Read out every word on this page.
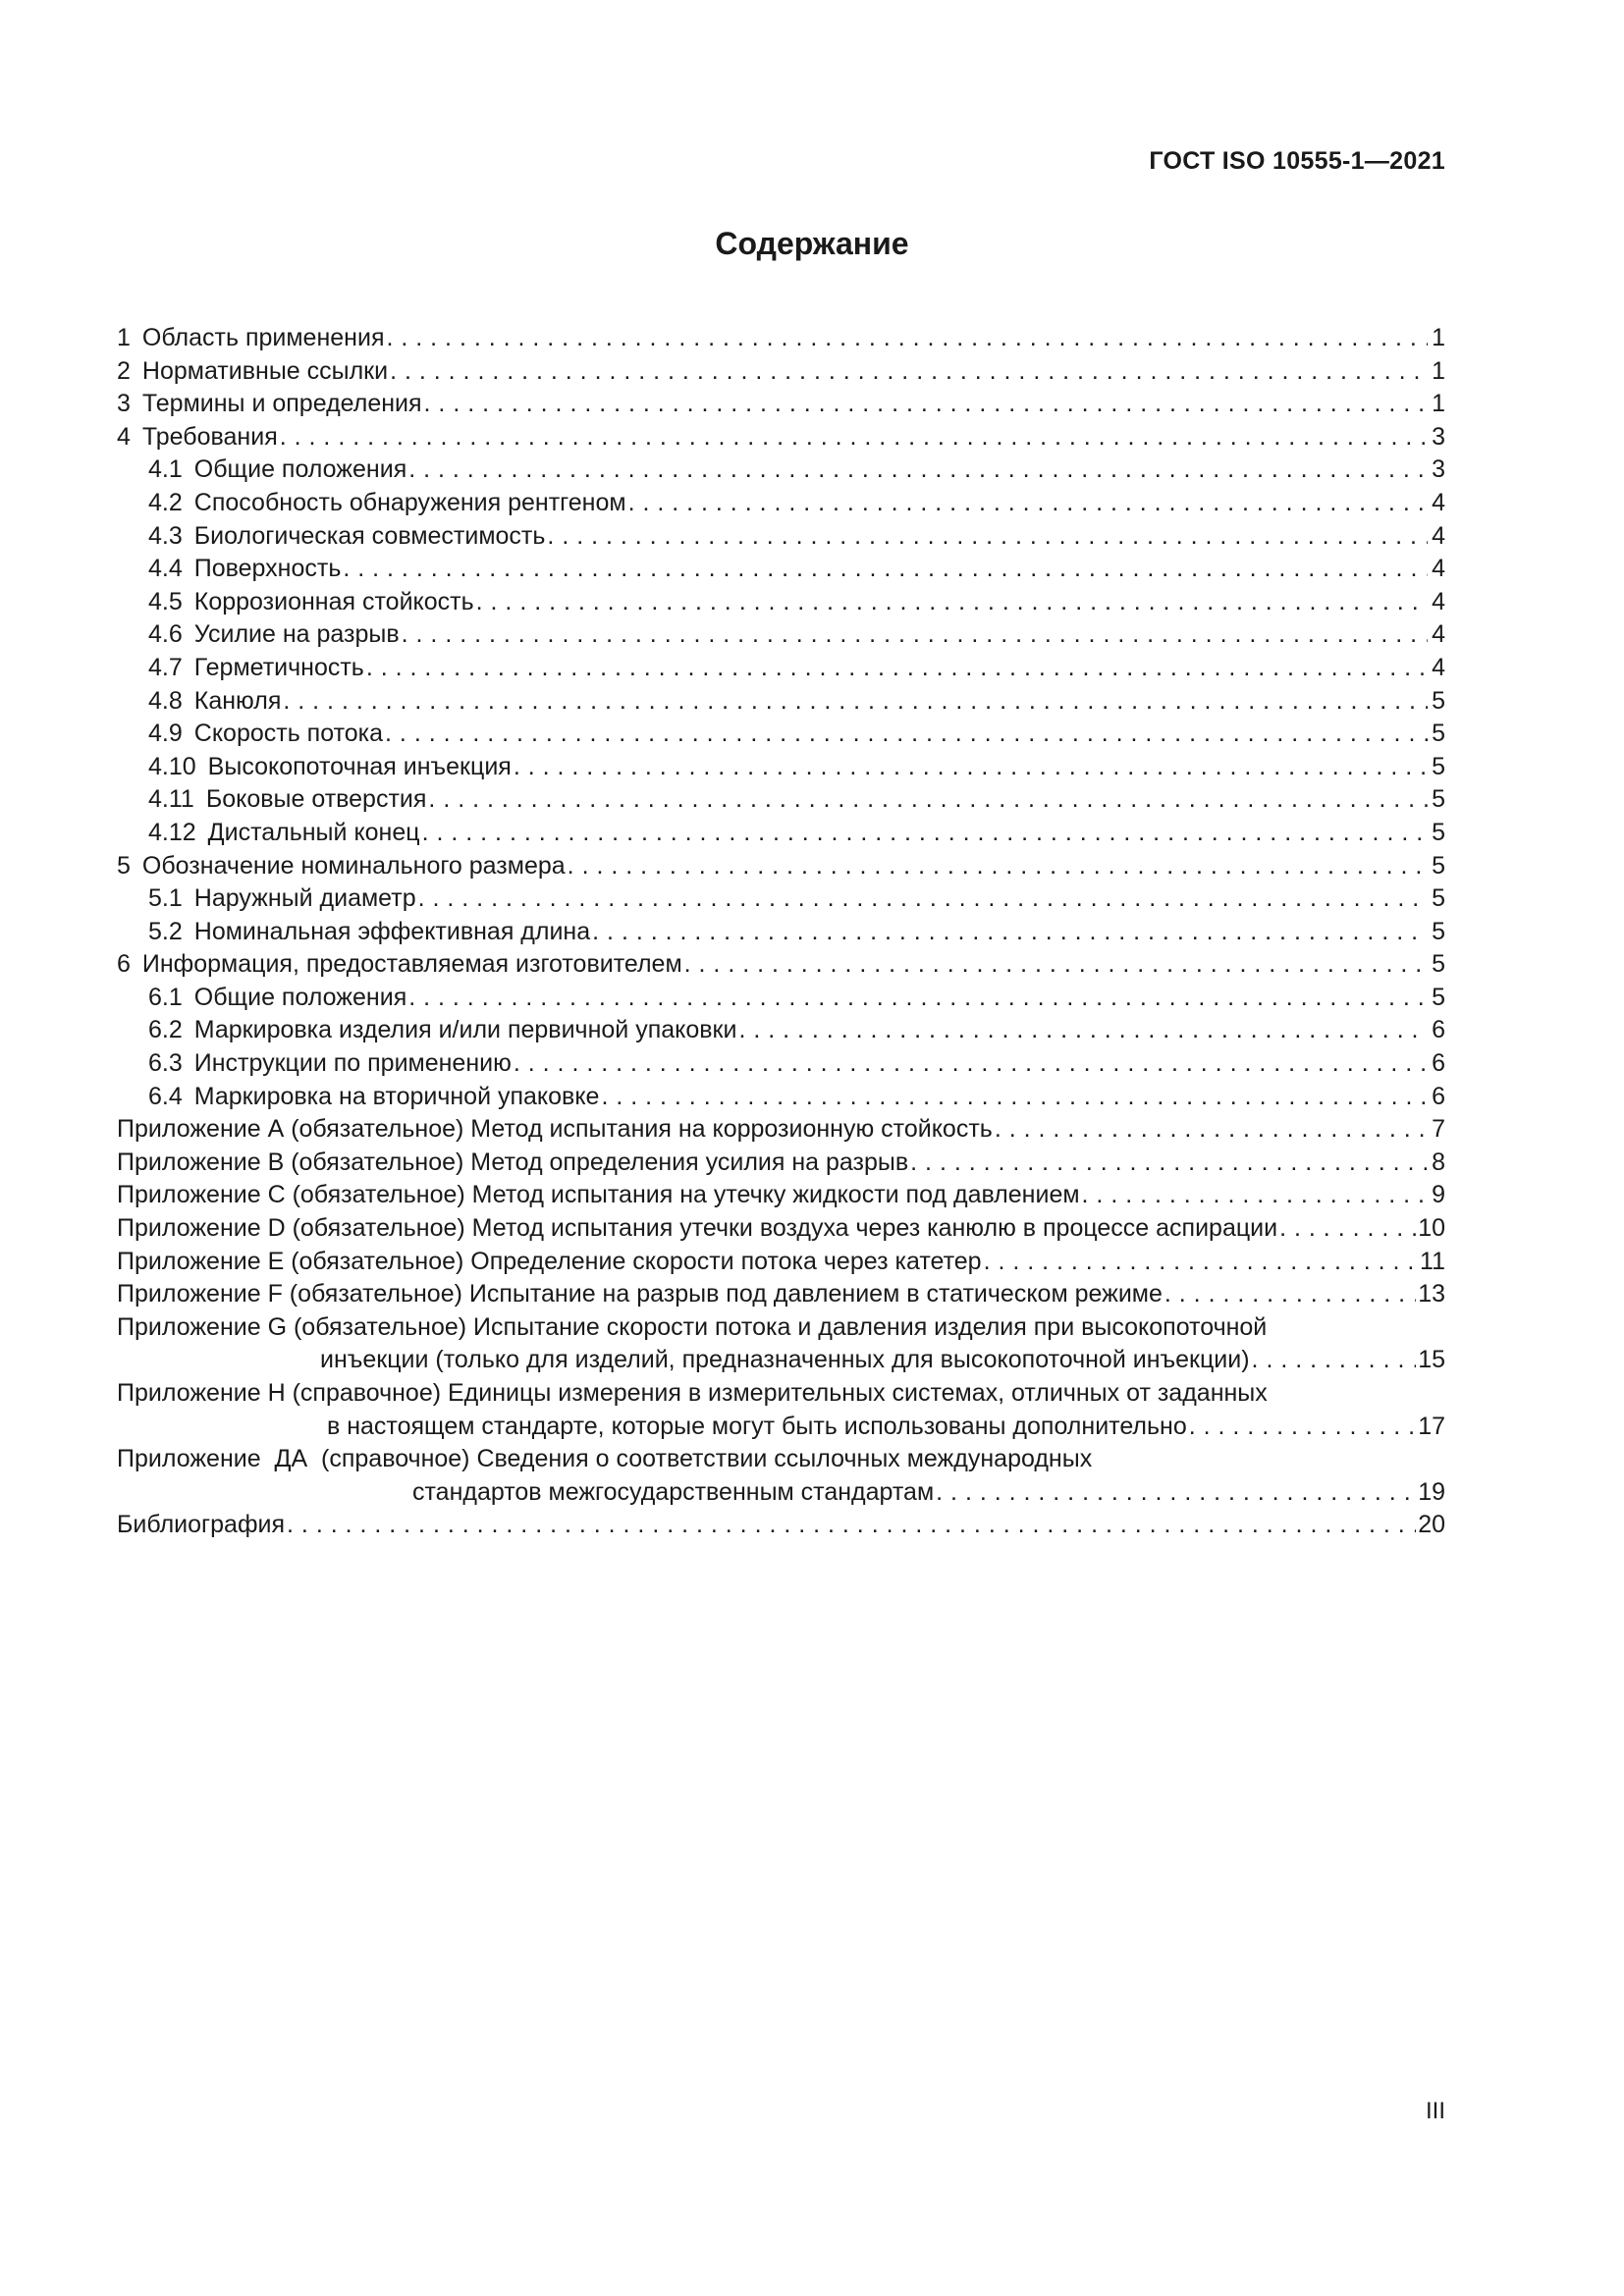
ГОСТ ISO 10555-1—2021
Содержание
1 Область применения . . .	1
2 Нормативные ссылки . . .	1
3 Термины и определения . . .	1
4 Требования . . .	3
4.1 Общие положения . . .	3
4.2 Способность обнаружения рентгеном . . .	4
4.3 Биологическая совместимость . . .	4
4.4 Поверхность . . .	4
4.5 Коррозионная стойкость . . .	4
4.6 Усилие на разрыв . . .	4
4.7 Герметичность . . .	4
4.8 Канюля . . .	5
4.9 Скорость потока . . .	5
4.10 Высокопоточная инъекция . . .	5
4.11 Боковые отверстия . . .	5
4.12 Дистальный конец . . .	5
5 Обозначение номинального размера . . .	5
5.1 Наружный диаметр . . .	5
5.2 Номинальная эффективная длина . . .	5
6 Информация, предоставляемая изготовителем . . .	5
6.1 Общие положения . . .	5
6.2 Маркировка изделия и/или первичной упаковки . . .	6
6.3 Инструкции по применению . . .	6
6.4 Маркировка на вторичной упаковке . . .	6
Приложение А (обязательное) Метод испытания на коррозионную стойкость . . .	7
Приложение В (обязательное) Метод определения усилия на разрыв . . .	8
Приложение С (обязательное) Метод испытания на утечку жидкости под давлением . . .	9
Приложение D (обязательное) Метод испытания утечки воздуха через канюлю в процессе аспирации . . .	10
Приложение Е (обязательное) Определение скорости потока через катетер . . .	11
Приложение F (обязательное) Испытание на разрыв под давлением в статическом режиме . . .	13
Приложение G (обязательное) Испытание скорости потока и давления изделия при высокопоточной
инъекции (только для изделий, предназначенных для высокопоточной инъекции) . . .	15
Приложение Н (справочное) Единицы измерения в измерительных системах, отличных от заданных
в настоящем стандарте, которые могут быть использованы дополнительно . . .	17
Приложение  ДА  (справочное) Сведения о соответствии ссылочных международных
стандартов межгосударственным стандартам . . .	19
Библиография . . .	20
III
